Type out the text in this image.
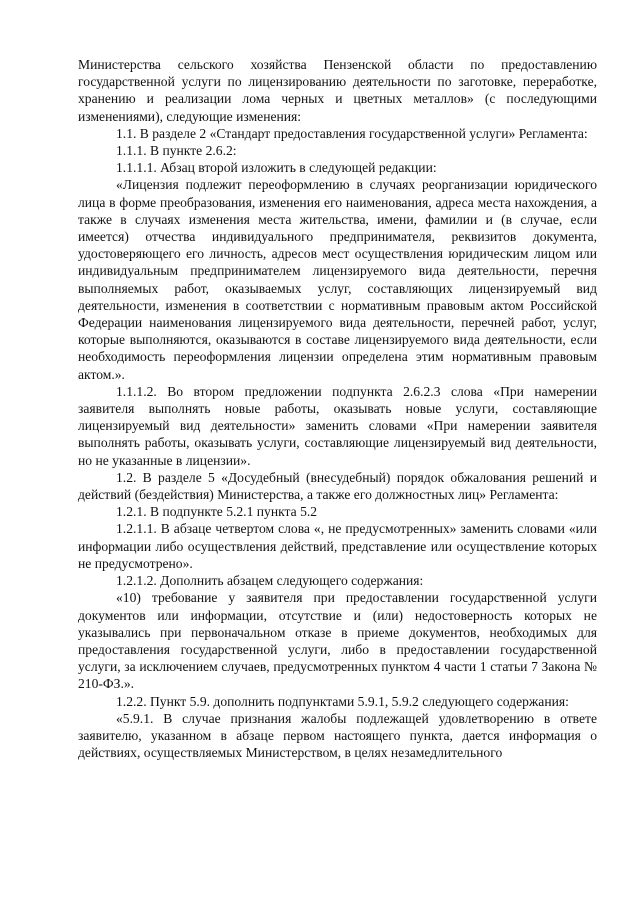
Министерства сельского хозяйства Пензенской области по предоставлению государственной услуги по лицензированию деятельности по заготовке, переработке, хранению и реализации лома черных и цветных металлов» (с последующими изменениями), следующие изменения:

1.1. В разделе 2 «Стандарт предоставления государственной услуги» Регламента:

1.1.1. В пункте 2.6.2:

1.1.1.1. Абзац второй изложить в следующей редакции:

«Лицензия подлежит переоформлению в случаях реорганизации юридического лица в форме преобразования, изменения его наименования, адреса места нахождения, а также в случаях изменения места жительства, имени, фамилии и (в случае, если имеется) отчества индивидуального предпринимателя, реквизитов документа, удостоверяющего его личность, адресов мест осуществления юридическим лицом или индивидуальным предпринимателем лицензируемого вида деятельности, перечня выполняемых работ, оказываемых услуг, составляющих лицензируемый вид деятельности, изменения в соответствии с нормативным правовым актом Российской Федерации наименования лицензируемого вида деятельности, перечней работ, услуг, которые выполняются, оказываются в составе лицензируемого вида деятельности, если необходимость переоформления лицензии определена этим нормативным правовым актом.».

1.1.1.2. Во втором предложении подпункта 2.6.2.3 слова «При намерении заявителя выполнять новые работы, оказывать новые услуги, составляющие лицензируемый вид деятельности» заменить словами «При намерении заявителя выполнять работы, оказывать услуги, составляющие лицензируемый вид деятельности, но не указанные в лицензии».

1.2. В разделе 5 «Досудебный (внесудебный) порядок обжалования решений и действий (бездействия) Министерства, а также его должностных лиц» Регламента:

1.2.1. В подпункте 5.2.1 пункта 5.2

1.2.1.1. В абзаце четвертом слова «, не предусмотренных» заменить словами «или информации либо осуществления действий, представление или осуществление которых не предусмотрено».

1.2.1.2. Дополнить абзацем следующего содержания:

«10) требование у заявителя при предоставлении государственной услуги документов или информации, отсутствие и (или) недостоверность которых не указывались при первоначальном отказе в приеме документов, необходимых для предоставления государственной услуги, либо в предоставлении государственной услуги, за исключением случаев, предусмотренных пунктом 4 части 1 статьи 7 Закона № 210-ФЗ.».

1.2.2. Пункт 5.9. дополнить подпунктами 5.9.1, 5.9.2 следующего содержания:

«5.9.1. В случае признания жалобы подлежащей удовлетворению в ответе заявителю, указанном в абзаце первом настоящего пункта, дается информация о действиях, осуществляемых Министерством, в целях незамедлительного
